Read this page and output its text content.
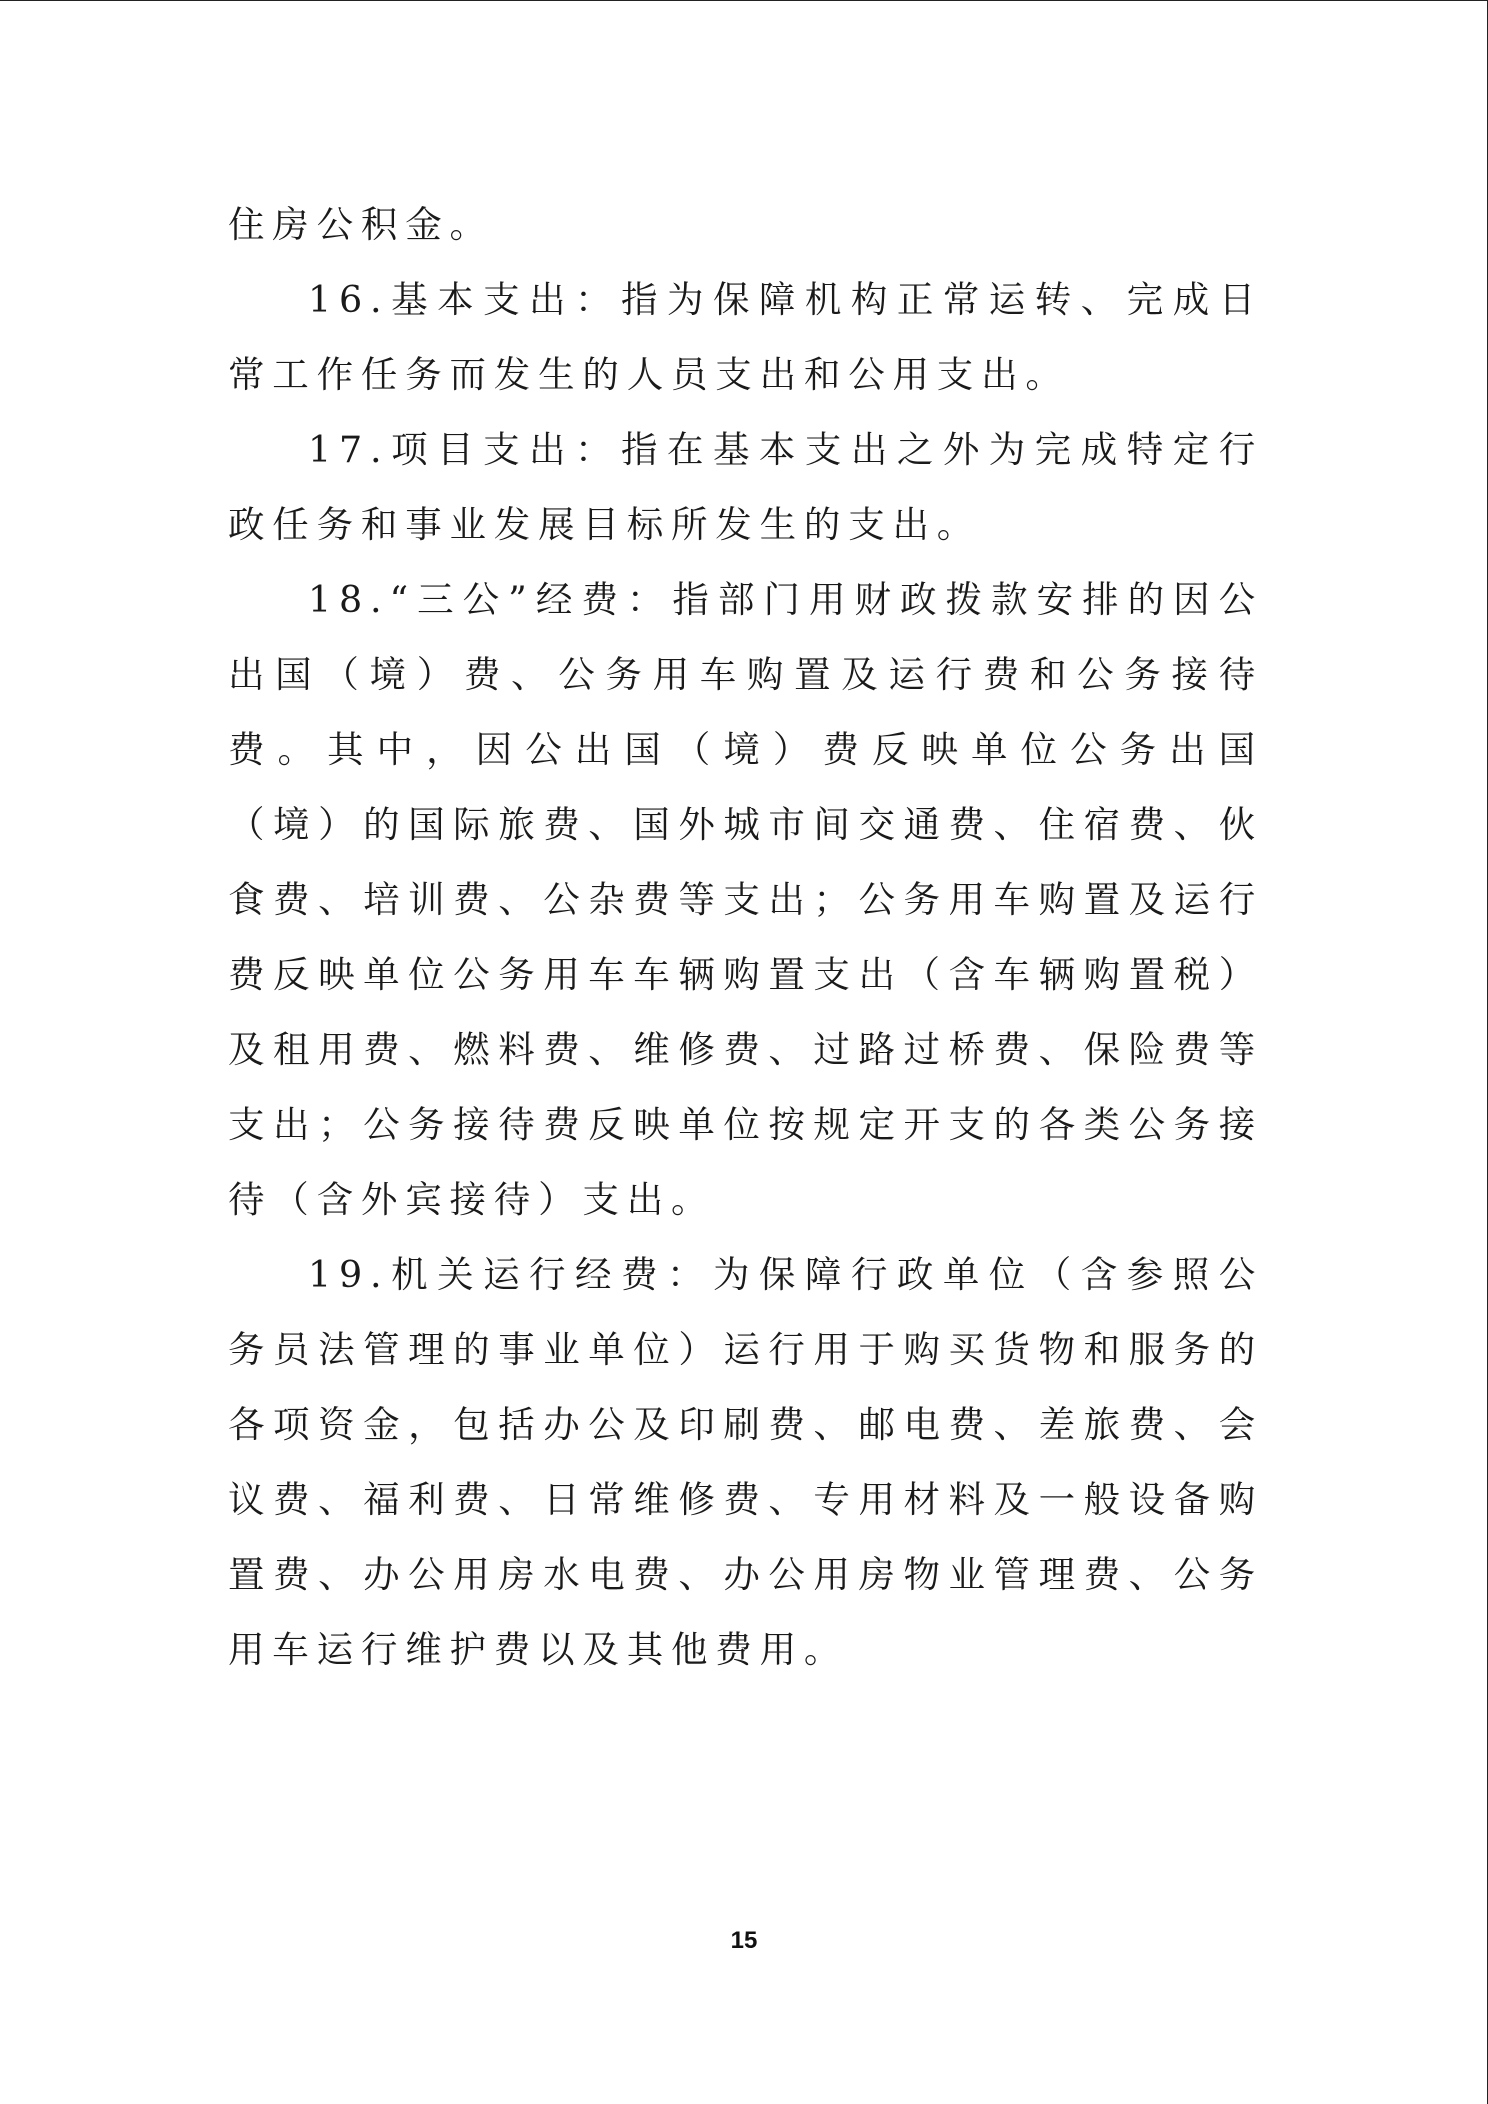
住房公积金。

16.基本支出：指为保障机构正常运转、完成日常工作任务而发生的人员支出和公用支出。

17.项目支出：指在基本支出之外为完成特定行政任务和事业发展目标所发生的支出。

18.“三公”经费：指部门用财政拨款安排的因公出国（境）费、公务用车购置及运行费和公务接待费。其中，因公出国（境）费反映单位公务出国（境）的国际旅费、国外城市间交通费、住宿费、伙食费、培训费、公杂费等支出；公务用车购置及运行费反映单位公务用车车辆购置支出（含车辆购置税）及租用费、燃料费、维修费、过路过桥费、保险费等支出；公务接待费反映单位按规定开支的各类公务接待（含外宾接待）支出。

19.机关运行经费：为保障行政单位（含参照公务员法管理的事业单位）运行用于购买货物和服务的各项资金，包括办公及印刷费、邮电费、差旅费、会议费、福利费、日常维修费、专用材料及一般设备购置费、办公用房水电费、办公用房物业管理费、公务用车运行维护费以及其他费用。

15
